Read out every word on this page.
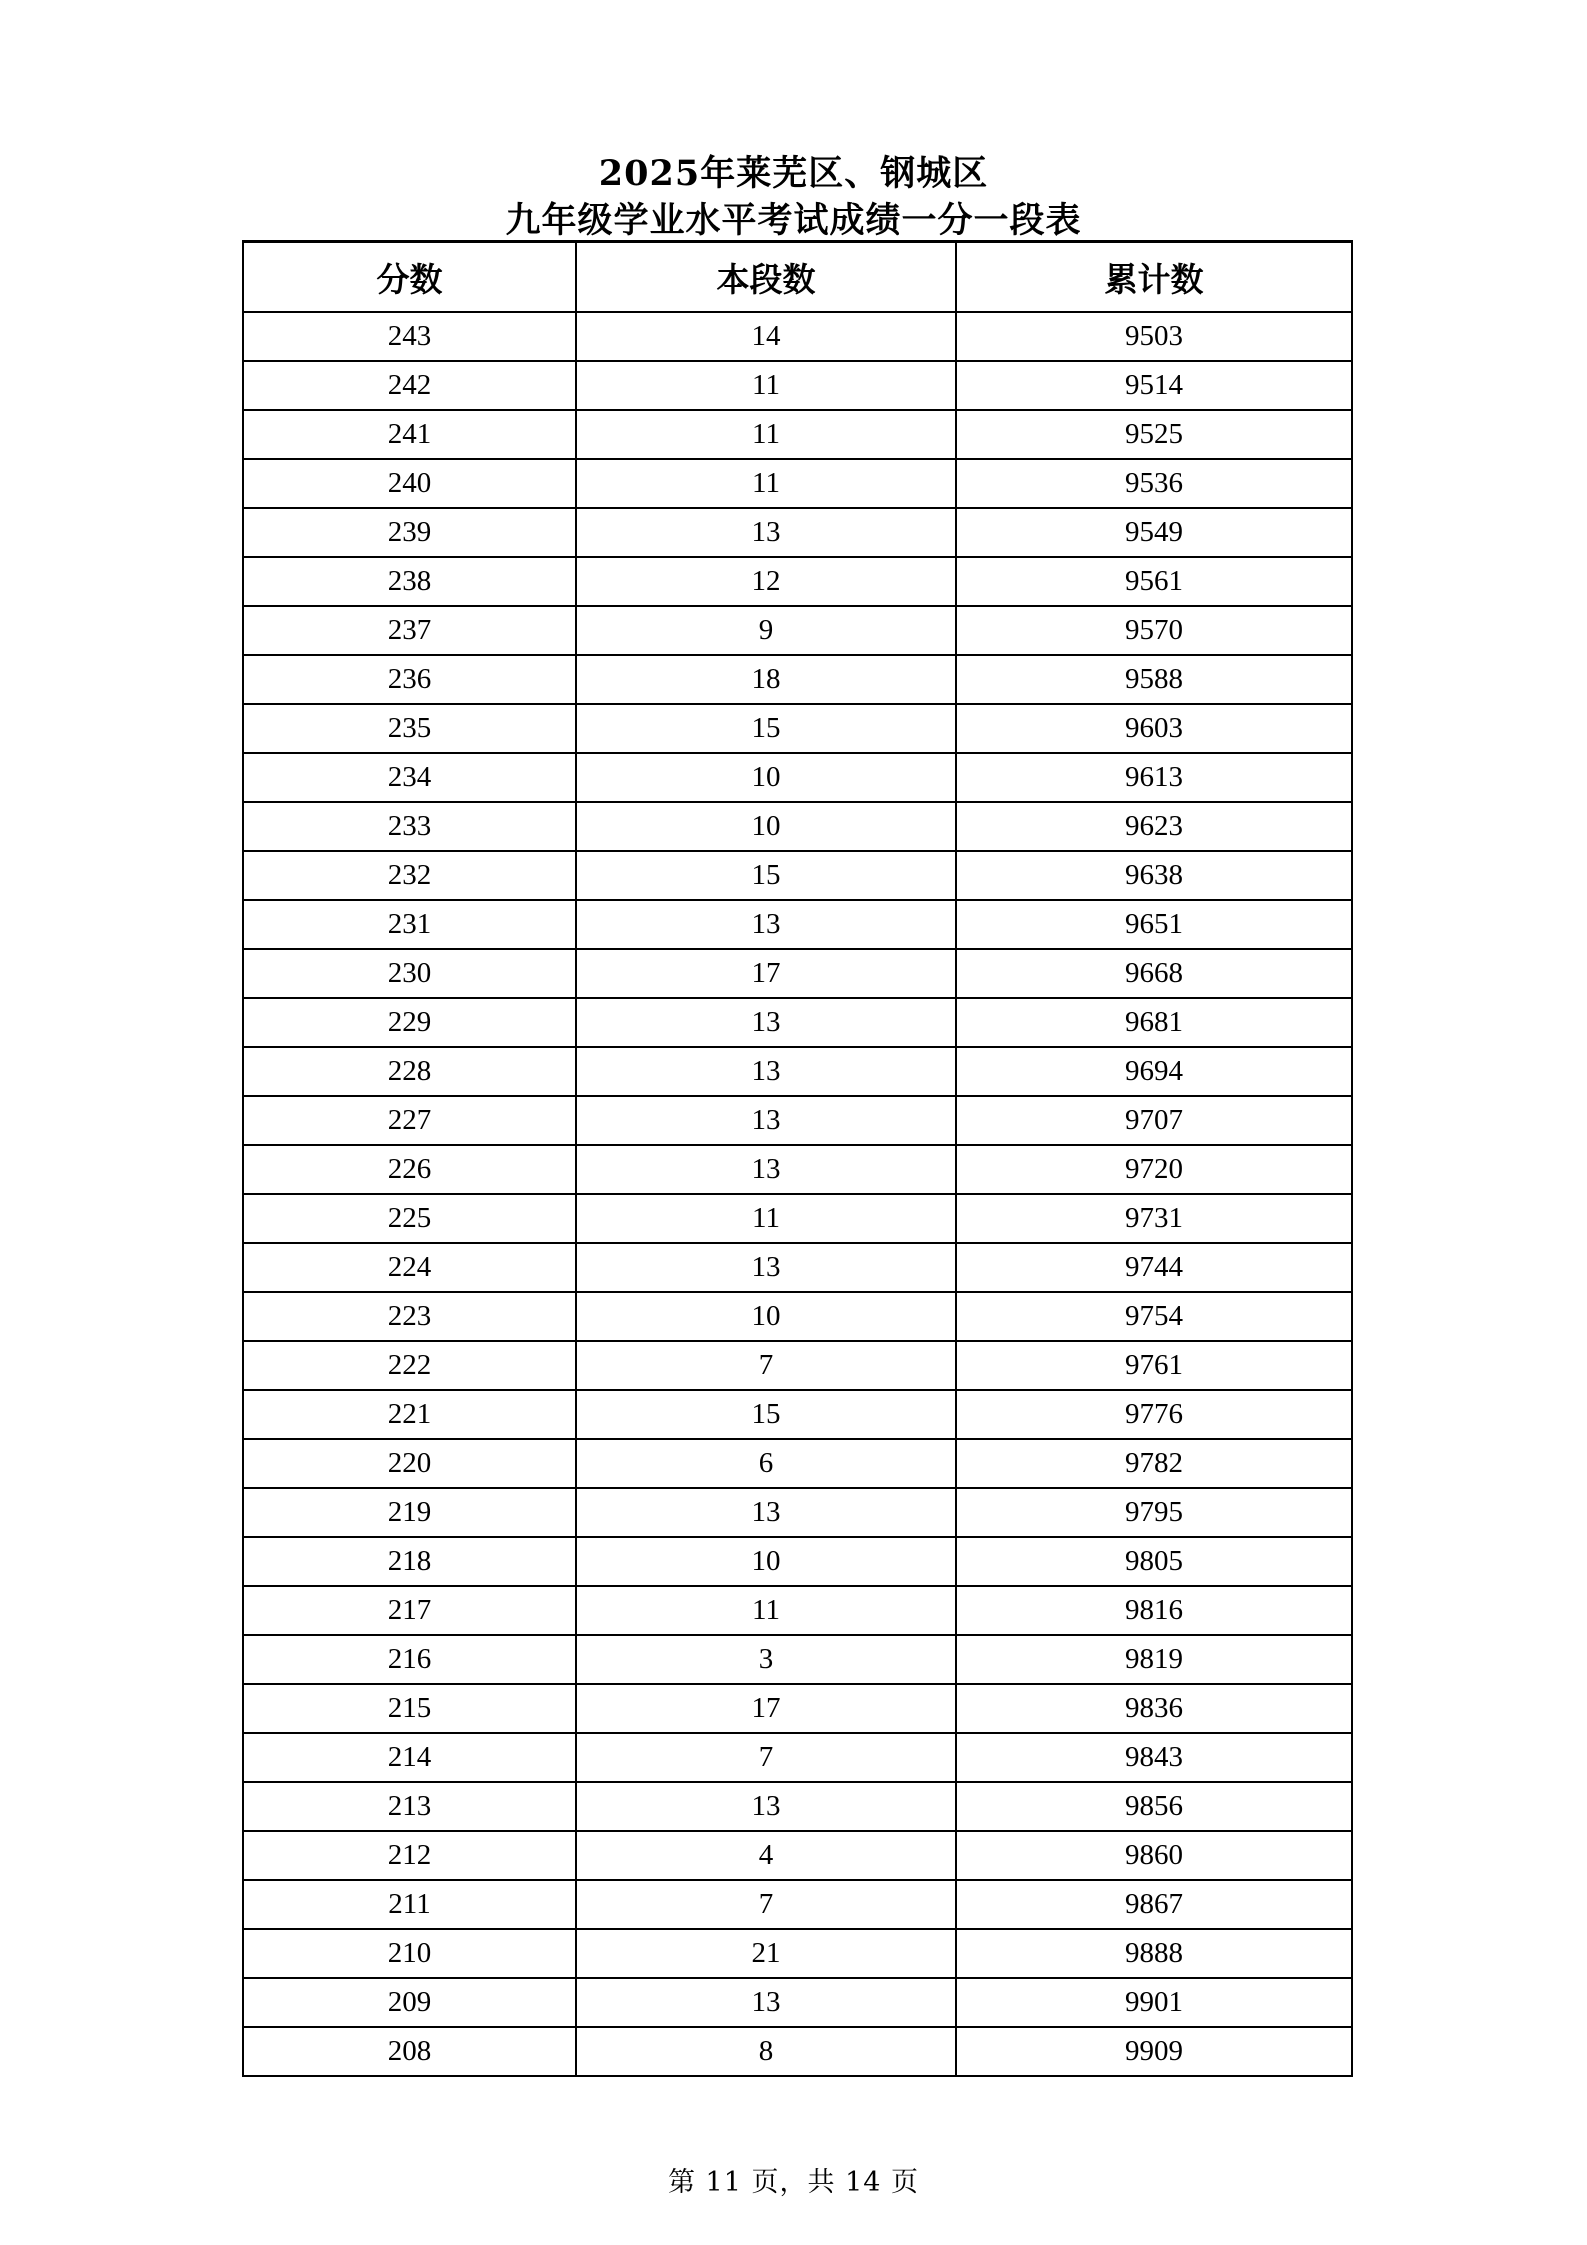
2025年莱芜区、钢城区
九年级学业水平考试成绩一分一段表
分数	本段数	累计数
243	14	9503
242	11	9514
241	11	9525
240	11	9536
239	13	9549
238	12	9561
237	9	9570
236	18	9588
235	15	9603
234	10	9613
233	10	9623
232	15	9638
231	13	9651
230	17	9668
229	13	9681
228	13	9694
227	13	9707
226	13	9720
225	11	9731
224	13	9744
223	10	9754
222	7	9761
221	15	9776
220	6	9782
219	13	9795
218	10	9805
217	11	9816
216	3	9819
215	17	9836
214	7	9843
213	13	9856
212	4	9860
211	7	9867
210	21	9888
209	13	9901
208	8	9909
第 11 页，共 14 页
